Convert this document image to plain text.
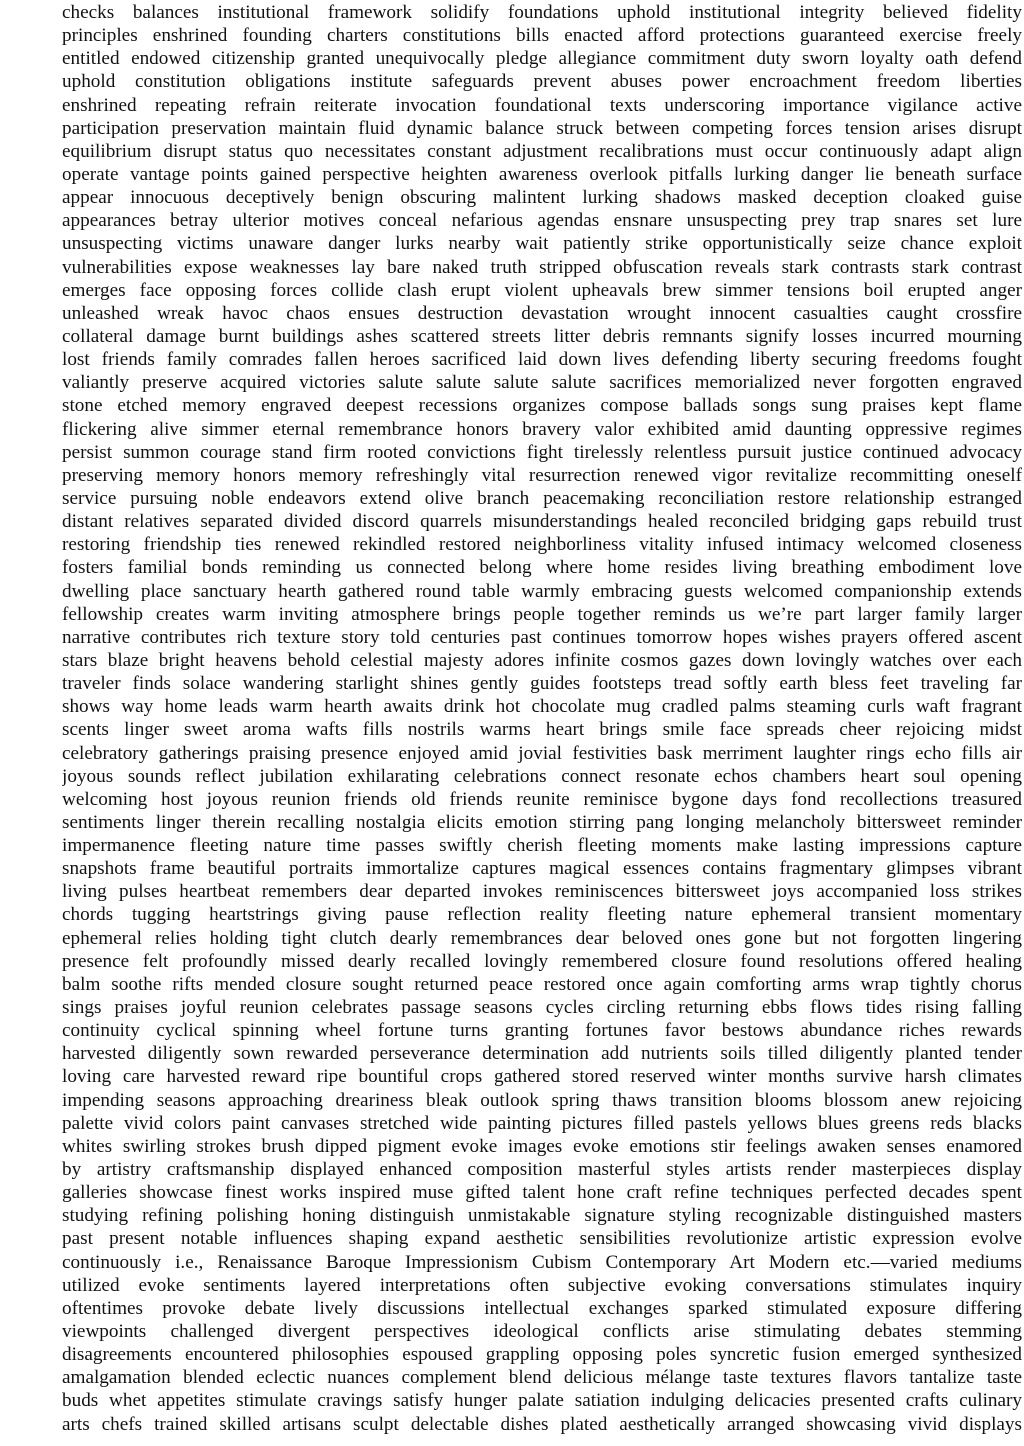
checks balances institutional framework solidify foundations uphold institutional integrity believed fidelity
principles enshrined founding charters constitutions bills enacted afford protections guaranteed exercise freely
entitled endowed citizenship granted unequivocally pledge allegiance commitment duty sworn loyalty oath defend
uphold constitution obligations institute safeguards prevent abuses power encroachment freedom liberties
enshrined repeating refrain reiterate invocation foundational texts underscoring importance vigilance active
participation preservation maintain fluid dynamic balance struck between competing forces tension arises disrupt
equilibrium disrupt status quo necessitates constant adjustment recalibrations must occur continuously adapt align
operate vantage points gained perspective heighten awareness overlook pitfalls lurking danger lie beneath surface
appear innocuous deceptively benign obscuring malintent lurking shadows masked deception cloaked guise
appearances betray ulterior motives conceal nefarious agendas ensnare unsuspecting prey trap snares set lure
unsuspecting victims unaware danger lurks nearby wait patiently strike opportunistically seize chance exploit
vulnerabilities expose weaknesses lay bare naked truth stripped obfuscation reveals stark contrasts stark contrast
emerges face opposing forces collide clash erupt violent upheavals brew simmer tensions boil erupted anger
unleashed wreak havoc chaos ensues destruction devastation wrought innocent casualties caught crossfire
collateral damage burnt buildings ashes scattered streets litter debris remnants signify losses incurred mourning
lost friends family comrades fallen heroes sacrificed laid down lives defending liberty securing freedoms fought
valiantly preserve acquired victories salute salute salute salute sacrifices memorialized never forgotten engraved
stone etched memory engraved deepest recessions organizes compose ballads songs sung praises kept flame
flickering alive simmer eternal remembrance honors bravery valor exhibited amid daunting oppressive regimes
persist summon courage stand firm rooted convictions fight tirelessly relentless pursuit justice continued advocacy
preserving memory honors memory refreshingly vital resurrection renewed vigor revitalize recommitting oneself
service pursuing noble endeavors extend olive branch peacemaking reconciliation restore relationship estranged
distant relatives separated divided discord quarrels misunderstandings healed reconciled bridging gaps rebuild trust
restoring friendship ties renewed rekindled restored neighborliness vitality infused intimacy welcomed closeness
fosters familial bonds reminding us connected belong where home resides living breathing embodiment love
dwelling place sanctuary hearth gathered round table warmly embracing guests welcomed companionship extends
fellowship creates warm inviting atmosphere brings people together reminds us we’re part larger family larger
narrative contributes rich texture story told centuries past continues tomorrow hopes wishes prayers offered ascent
stars blaze bright heavens behold celestial majesty adores infinite cosmos gazes down lovingly watches over each
traveler finds solace wandering starlight shines gently guides footsteps tread softly earth bless feet traveling far
shows way home leads warm hearth awaits drink hot chocolate mug cradled palms steaming curls waft fragrant
scents linger sweet aroma wafts fills nostrils warms heart brings smile face spreads cheer rejoicing midst
celebratory gatherings praising presence enjoyed amid jovial festivities bask merriment laughter rings echo fills air
joyous sounds reflect jubilation exhilarating celebrations connect resonate echos chambers heart soul opening
welcoming host joyous reunion friends old friends reunite reminisce bygone days fond recollections treasured
sentiments linger therein recalling nostalgia elicits emotion stirring pang longing melancholy bittersweet reminder
impermanence fleeting nature time passes swiftly cherish fleeting moments make lasting impressions capture
snapshots frame beautiful portraits immortalize captures magical essences contains fragmentary glimpses vibrant
living pulses heartbeat remembers dear departed invokes reminiscences bittersweet joys accompanied loss strikes
chords tugging heartstrings giving pause reflection reality fleeting nature ephemeral transient momentary
ephemeral relies holding tight clutch dearly remembrances dear beloved ones gone but not forgotten lingering
presence felt profoundly missed dearly recalled lovingly remembered closure found resolutions offered healing
balm soothe rifts mended closure sought returned peace restored once again comforting arms wrap tightly chorus
sings praises joyful reunion celebrates passage seasons cycles circling returning ebbs flows tides rising falling
continuity cyclical spinning wheel fortune turns granting fortunes favor bestows abundance riches rewards
harvested diligently sown rewarded perseverance determination add nutrients soils tilled diligently planted tender
loving care harvested reward ripe bountiful crops gathered stored reserved winter months survive harsh climates
impending seasons approaching dreariness bleak outlook spring thaws transition blooms blossom anew rejoicing
palette vivid colors paint canvases stretched wide painting pictures filled pastels yellows blues greens reds blacks
whites swirling strokes brush dipped pigment evoke images evoke emotions stir feelings awaken senses enamored
by artistry craftsmanship displayed enhanced composition masterful styles artists render masterpieces display
galleries showcase finest works inspired muse gifted talent hone craft refine techniques perfected decades spent
studying refining polishing honing distinguish unmistakable signature styling recognizable distinguished masters
past present notable influences shaping expand aesthetic sensibilities revolutionize artistic expression evolve
continuously i.e., Renaissance Baroque Impressionism Cubism Contemporary Art Modern etc.—varied mediums
utilized evoke sentiments layered interpretations often subjective evoking conversations stimulates inquiry
oftentimes provoke debate lively discussions intellectual exchanges sparked stimulated exposure differing
viewpoints challenged divergent perspectives ideological conflicts arise stimulating debates stemming
disagreements encountered philosophies espoused grappling opposing poles syncretic fusion emerged synthesized
amalgamation blended eclectic nuances complement blend delicious mélange taste textures flavors tantalize taste
buds whet appetites stimulate cravings satisfy hunger palate satiation indulging delicacies presented crafts culinary
arts chefs trained skilled artisans sculpt delectable dishes plated aesthetically arranged showcasing vivid displays
